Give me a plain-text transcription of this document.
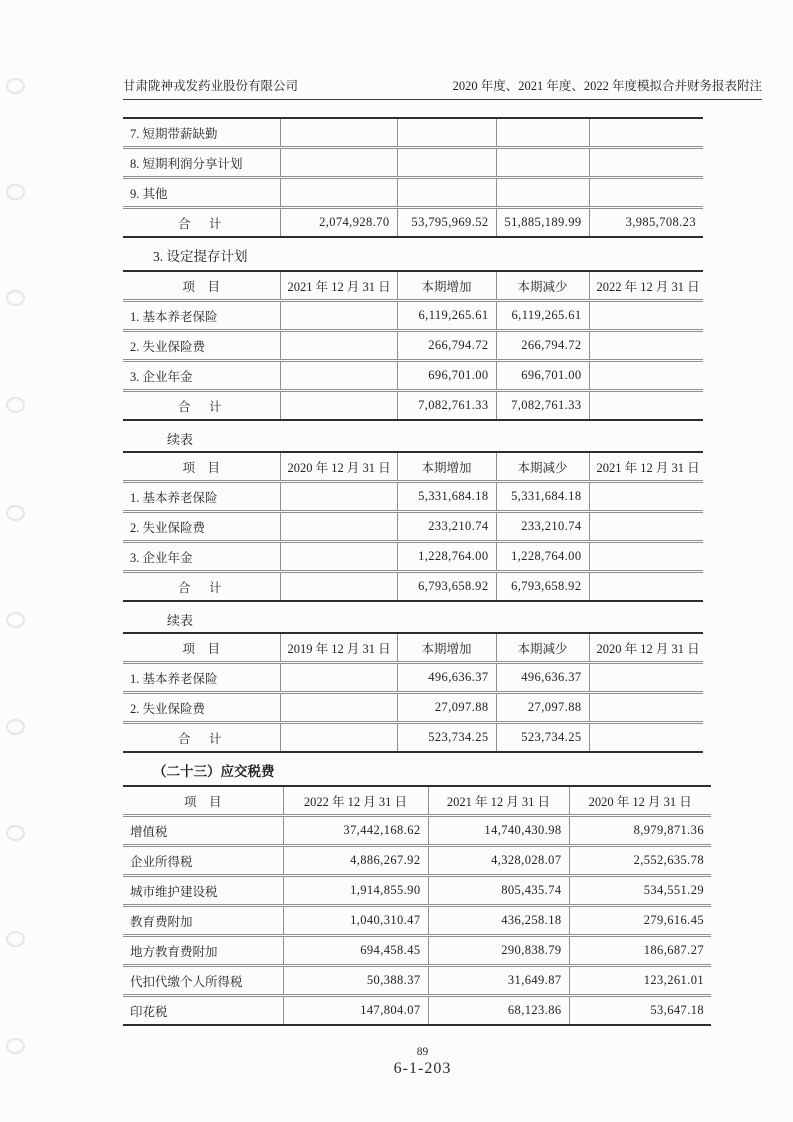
甘肃陇神戎发药业股份有限公司	2020 年度、2021 年度、2022 年度模拟合并财务报表附注
7. 短期带薪缺勤				
8. 短期利润分享计划				
9. 其他				
合　计	2,074,928.70	53,795,969.52	51,885,189.99	3,985,708.23
3. 设定提存计划
项　目	2021 年 12 月 31 日	本期增加	本期减少	2022 年 12 月 31 日
1. 基本养老保险		6,119,265.61	6,119,265.61	
2. 失业保险费		266,794.72	266,794.72	
3. 企业年金		696,701.00	696,701.00	
合　计		7,082,761.33	7,082,761.33	
续表
项　目	2020 年 12 月 31 日	本期增加	本期减少	2021 年 12 月 31 日
1. 基本养老保险		5,331,684.18	5,331,684.18	
2. 失业保险费		233,210.74	233,210.74	
3. 企业年金		1,228,764.00	1,228,764.00	
合　计		6,793,658.92	6,793,658.92	
续表
项　目	2019 年 12 月 31 日	本期增加	本期减少	2020 年 12 月 31 日
1. 基本养老保险		496,636.37	496,636.37	
2. 失业保险费		27,097.88	27,097.88	
合　计		523,734.25	523,734.25	
（二十三）应交税费
项　目	2022 年 12 月 31 日	2021 年 12 月 31 日	2020 年 12 月 31 日
增值税	37,442,168.62	14,740,430.98	8,979,871.36
企业所得税	4,886,267.92	4,328,028.07	2,552,635.78
城市维护建设税	1,914,855.90	805,435.74	534,551.29
教育费附加	1,040,310.47	436,258.18	279,616.45
地方教育费附加	694,458.45	290,838.79	186,687.27
代扣代缴个人所得税	50,388.37	31,649.87	123,261.01
印花税	147,804.07	68,123.86	53,647.18
89
6-1-203
